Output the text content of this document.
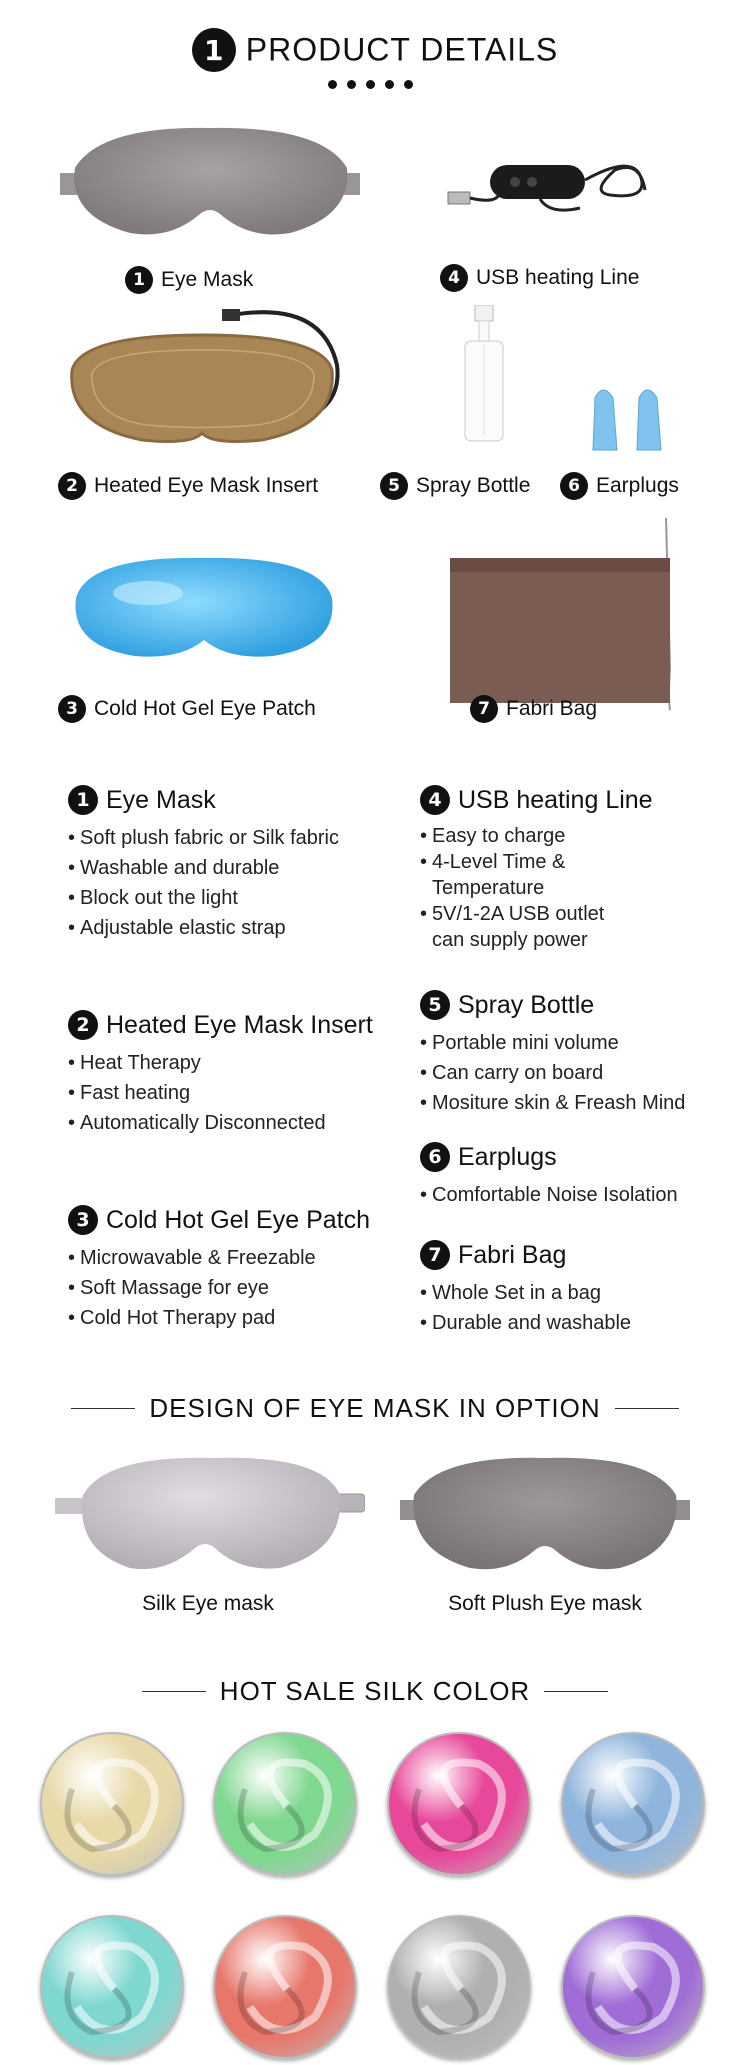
1 PRODUCT DETAILS
1 Eye Mask	4 USB heating Line
2 Heated Eye Mask Insert	5 Spray Bottle	6 Earplugs
3 Cold Hot Gel Eye Patch	7 Fabri Bag
1 Eye Mask
• Soft plush fabric or Silk fabric
• Washable and durable
• Block out the light
• Adjustable elastic strap
2 Heated Eye Mask Insert
• Heat Therapy
• Fast heating
• Automatically Disconnected
3 Cold Hot Gel Eye Patch
• Microwavable & Freezable
• Soft Massage for eye
• Cold Hot Therapy pad
4 USB heating Line
• Easy to charge
• 4-Level Time &
Temperature
• 5V/1-2A USB outlet
can supply power
5 Spray Bottle
• Portable mini volume
• Can carry on board
• Mositure skin & Freash Mind
6 Earplugs
• Comfortable Noise Isolation
7 Fabri Bag
• Whole Set in a bag
• Durable and washable
DESIGN OF EYE MASK IN OPTION
Silk Eye mask	Soft Plush Eye mask
HOT SALE SILK COLOR
